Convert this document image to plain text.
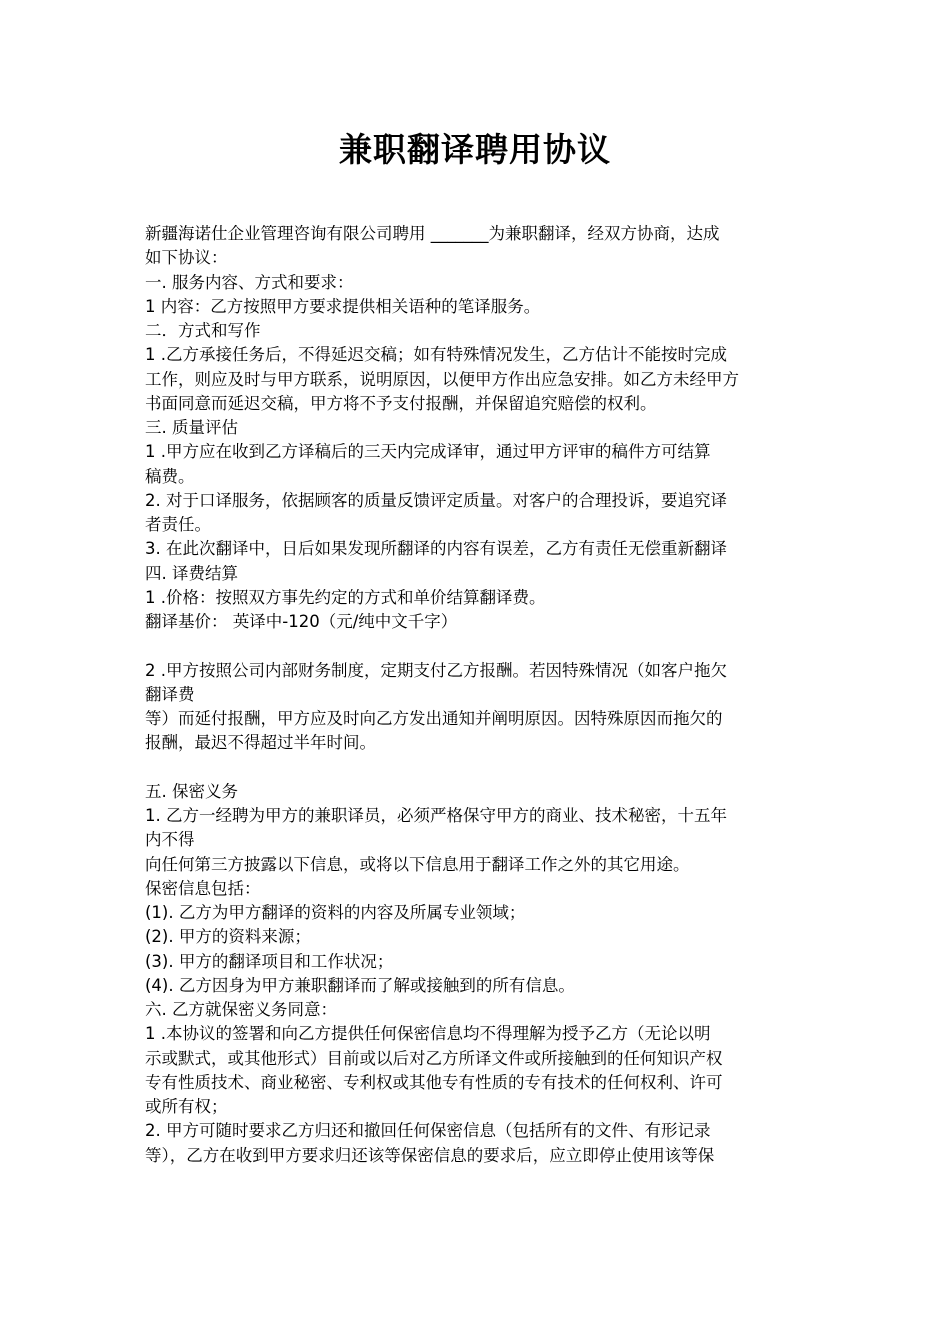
兼职翻译聘用协议
新疆海诺仕企业管理咨询有限公司聘用 _______为兼职翻译，经双方协商，达成
如下协议：
一. 服务内容、方式和要求：
1 内容：乙方按照甲方要求提供相关语种的笔译服务。
二．方式和写作
1 .乙方承接任务后，不得延迟交稿；如有特殊情况发生，乙方估计不能按时完成
工作，则应及时与甲方联系，说明原因，以便甲方作出应急安排。如乙方未经甲方
书面同意而延迟交稿，甲方将不予支付报酬，并保留追究赔偿的权利。
三. 质量评估
1 .甲方应在收到乙方译稿后的三天内完成译审，通过甲方评审的稿件方可结算
稿费。
2. 对于口译服务，依据顾客的质量反馈评定质量。对客户的合理投诉，要追究译
者责任。
3. 在此次翻译中，日后如果发现所翻译的内容有误差，乙方有责任无偿重新翻译
四. 译费结算
1 .价格：按照双方事先约定的方式和单价结算翻译费。
翻译基价： 英译中-120（元/纯中文千字）
2 .甲方按照公司内部财务制度，定期支付乙方报酬。若因特殊情况（如客户拖欠
翻译费
等）而延付报酬，甲方应及时向乙方发出通知并阐明原因。因特殊原因而拖欠的
报酬，最迟不得超过半年时间。
五. 保密义务
1. 乙方一经聘为甲方的兼职译员，必须严格保守甲方的商业、技术秘密，十五年
内不得
向任何第三方披露以下信息，或将以下信息用于翻译工作之外的其它用途。
保密信息包括：
(1). 乙方为甲方翻译的资料的内容及所属专业领域；
(2). 甲方的资料来源；
(3). 甲方的翻译项目和工作状况；
(4). 乙方因身为甲方兼职翻译而了解或接触到的所有信息。
六. 乙方就保密义务同意：
1 .本协议的签署和向乙方提供任何保密信息均不得理解为授予乙方（无论以明
示或默式，或其他形式）目前或以后对乙方所译文件或所接触到的任何知识产权
专有性质技术、商业秘密、专利权或其他专有性质的专有技术的任何权利、许可
或所有权；
2. 甲方可随时要求乙方归还和撤回任何保密信息（包括所有的文件、有形记录
等），乙方在收到甲方要求归还该等保密信息的要求后，应立即停止使用该等保
